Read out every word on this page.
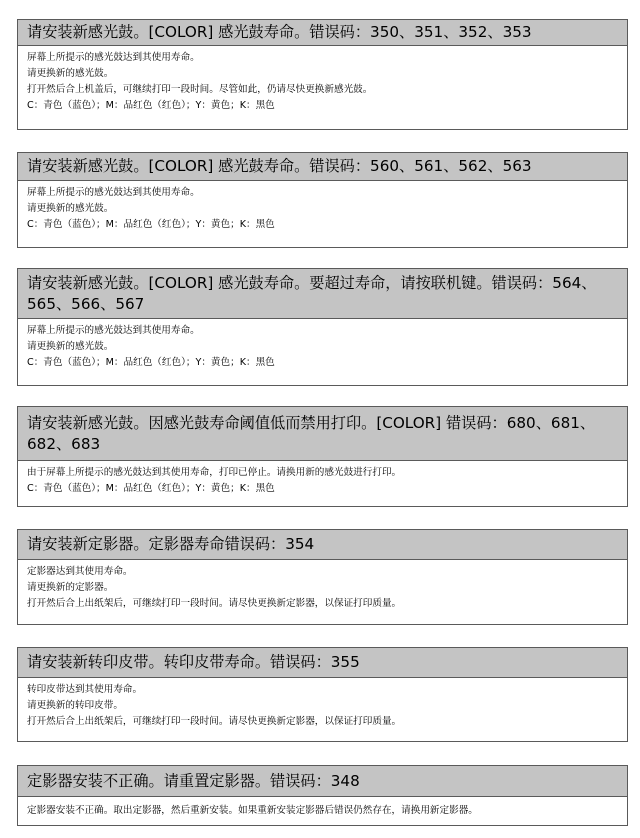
请安装新感光鼓。[COLOR] 感光鼓寿命。错误码：350、351、352、353
屏幕上所提示的感光鼓达到其使用寿命。
请更换新的感光鼓。
打开然后合上机盖后，可继续打印一段时间。尽管如此，仍请尽快更换新感光鼓。
C：青色（蓝色）；M：品红色（红色）；Y：黄色；K：黑色
请安装新感光鼓。[COLOR] 感光鼓寿命。错误码：560、561、562、563
屏幕上所提示的感光鼓达到其使用寿命。
请更换新的感光鼓。
C：青色（蓝色）；M：品红色（红色）；Y：黄色；K：黑色
请安装新感光鼓。[COLOR] 感光鼓寿命。要超过寿命，请按联机键。错误码：564、
565、566、567
屏幕上所提示的感光鼓达到其使用寿命。
请更换新的感光鼓。
C：青色（蓝色）；M：品红色（红色）；Y：黄色；K：黑色
请安装新感光鼓。因感光鼓寿命阈值低而禁用打印。[COLOR] 错误码：680、681、
682、683
由于屏幕上所提示的感光鼓达到其使用寿命，打印已停止。请换用新的感光鼓进行打印。
C：青色（蓝色）；M：品红色（红色）；Y：黄色；K：黑色
请安装新定影器。定影器寿命错误码：354
定影器达到其使用寿命。
请更换新的定影器。
打开然后合上出纸架后，可继续打印一段时间。请尽快更换新定影器，以保证打印质量。
请安装新转印皮带。转印皮带寿命。错误码：355
转印皮带达到其使用寿命。
请更换新的转印皮带。
打开然后合上出纸架后，可继续打印一段时间。请尽快更换新定影器，以保证打印质量。
定影器安装不正确。请重置定影器。错误码：348
定影器安装不正确。取出定影器，然后重新安装。如果重新安装定影器后错误仍然存在，请换用新定影器。
